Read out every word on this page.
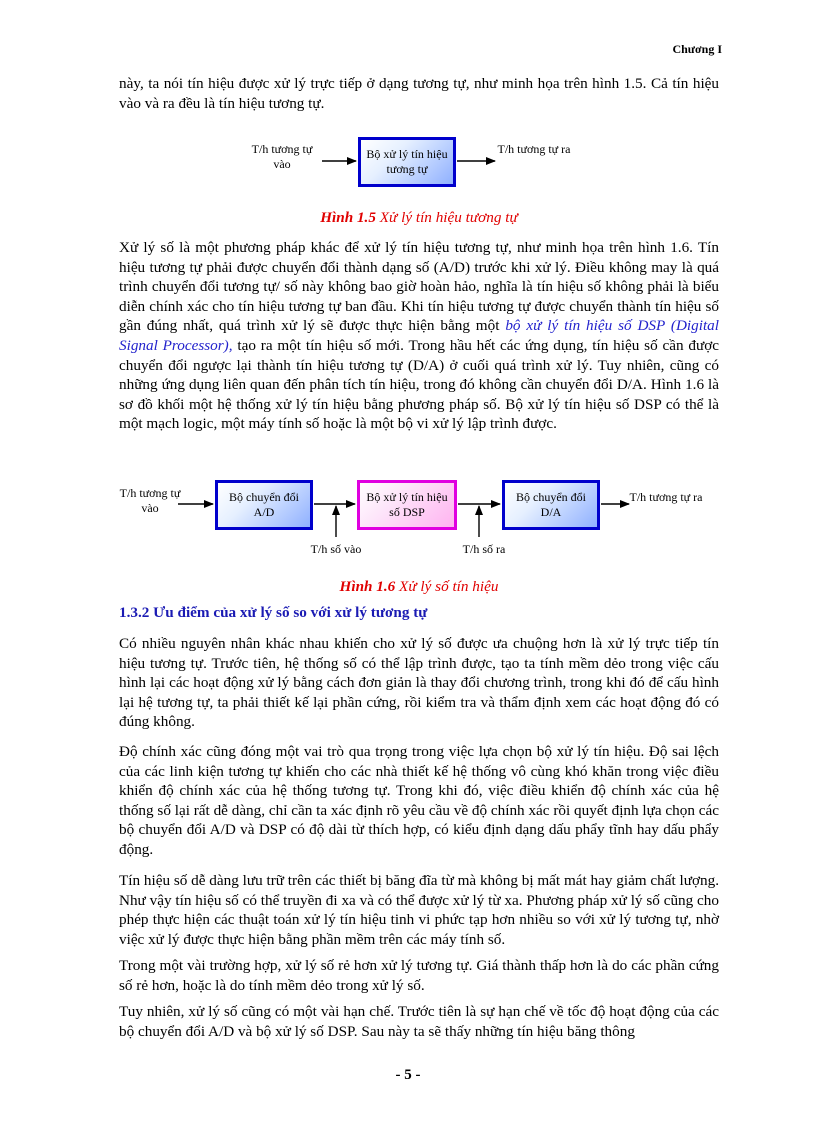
Chương I

này, ta nói tín hiệu được xử lý trực tiếp ở dạng tương tự, như minh họa trên hình 1.5. Cả tín hiệu vào và ra đều là tín hiệu tương tự.

T/h tương tự vào
Bộ xử lý tín hiệu tương tự
T/h tương tự ra
Hình 1.5 Xử lý tín hiệu tương tự

Xử lý số là một phương pháp khác để xử lý tín hiệu tương tự, như minh họa trên hình 1.6. Tín hiệu tương tự phải được chuyển đổi thành dạng số (A/D) trước khi xử lý. Điều không may là quá trình chuyển đổi tương tự/ số này không bao giờ hoàn hảo, nghĩa là tín hiệu số không phải là biểu diễn chính xác cho tín hiệu tương tự ban đầu. Khi tín hiệu tương tự được chuyển thành tín hiệu số gần đúng nhất, quá trình xử lý sẽ được thực hiện bằng một bộ xử lý tín hiệu số DSP (Digital Signal Processor), tạo ra một tín hiệu số mới. Trong hầu hết các ứng dụng, tín hiệu số cần được chuyển đổi ngược lại thành tín hiệu tương tự (D/A) ở cuối quá trình xử lý. Tuy nhiên, cũng có những ứng dụng liên quan đến phân tích tín hiệu, trong đó không cần chuyển đổi D/A. Hình 1.6 là sơ đồ khối một hệ thống xử lý tín hiệu bằng phương pháp số. Bộ xử lý tín hiệu số DSP có thể là một mạch logic, một máy tính số hoặc là một bộ vi xử lý lập trình được.

T/h tương tự vào
Bộ chuyển đổi A/D
Bộ xử lý tín hiệu số DSP
Bộ chuyển đổi D/A
T/h tương tự ra
T/h số vào	T/h số ra
Hình 1.6 Xử lý số tín hiệu
1.3.2 Ưu điểm của xử lý số so với xử lý tương tự

Có nhiều nguyên nhân khác nhau khiến cho xử lý số được ưa chuộng hơn là xử lý trực tiếp tín hiệu tương tự. Trước tiên, hệ thống số có thể lập trình được, tạo ta tính mềm dẻo trong việc cấu hình lại các hoạt động xử lý bằng cách đơn giản là thay đổi chương trình, trong khi đó để cấu hình lại hệ tương tự, ta phải thiết kế lại phần cứng, rồi kiểm tra và thẩm định xem các hoạt động đó có đúng không.

Độ chính xác cũng đóng một vai trò qua trọng trong việc lựa chọn bộ xử lý tín hiệu. Độ sai lệch của các linh kiện tương tự khiến cho các nhà thiết kế hệ thống vô cùng khó khăn trong việc điều khiển độ chính xác của hệ thống tương tự. Trong khi đó, việc điều khiển độ chính xác của hệ thống số lại rất dễ dàng, chỉ cần ta xác định rõ yêu cầu về độ chính xác rồi quyết định lựa chọn các bộ chuyển đổi A/D và DSP có độ dài từ thích hợp, có kiểu định dạng dấu phẩy tĩnh hay dấu phẩy động.

Tín hiệu số dễ dàng lưu trữ trên các thiết bị băng đĩa từ mà không bị mất mát hay giảm chất lượng. Như vậy tín hiệu số có thể truyền đi xa và có thể được xử lý từ xa. Phương pháp xử lý số cũng cho phép thực hiện các thuật toán xử lý tín hiệu tinh vi phức tạp hơn nhiều so với xử lý tương tự, nhờ việc xử lý được thực hiện bằng phần mềm trên các máy tính số.

Trong một vài trường hợp, xử lý số rẻ hơn xử lý tương tự. Giá thành thấp hơn là do các phần cứng số rẻ hơn, hoặc là do tính mềm dẻo trong xử lý số.

Tuy nhiên, xử lý số cũng có một vài hạn chế. Trước tiên là sự hạn chế về tốc độ hoạt động của các bộ chuyển đổi A/D và bộ xử lý số DSP. Sau này ta sẽ thấy những tín hiệu băng thông

- 5 -
